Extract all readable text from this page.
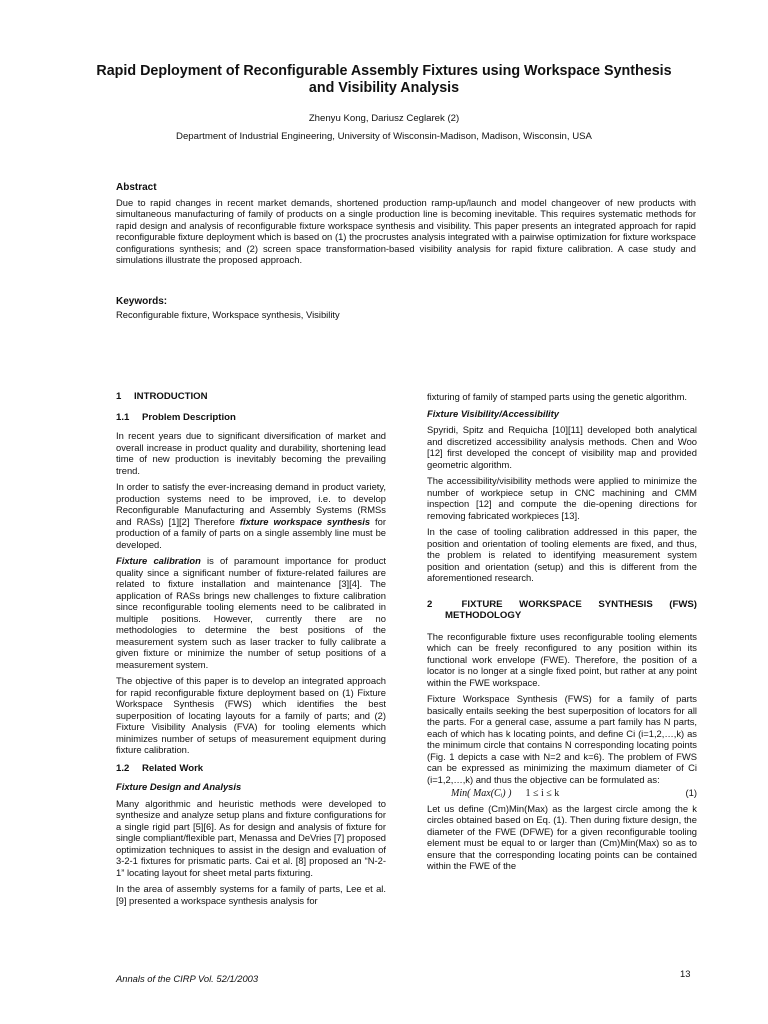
Rapid Deployment of Reconfigurable Assembly Fixtures using Workspace Synthesis and Visibility Analysis
Zhenyu Kong, Dariusz Ceglarek (2)
Department of Industrial Engineering, University of Wisconsin-Madison, Madison, Wisconsin, USA
Abstract
Due to rapid changes in recent market demands, shortened production ramp-up/launch and model changeover of new products with simultaneous manufacturing of family of products on a single production line is becoming inevitable. This requires systematic methods for rapid design and analysis of reconfigurable fixture workspace synthesis and visibility. This paper presents an integrated approach for rapid reconfigurable fixture deployment which is based on (1) the procrustes analysis integrated with a pairwise optimization for fixture workspace configurations synthesis; and (2) screen space transformation-based visibility analysis for rapid fixture calibration. A case study and simulations illustrate the proposed approach.
Keywords:
Reconfigurable fixture, Workspace synthesis, Visibility
1	INTRODUCTION
1.1	Problem Description

In recent years due to significant diversification of market and overall increase in product quality and durability, shortening lead time of new production is inevitably becoming the prevailing trend.

In order to satisfy the ever-increasing demand in product variety, production systems need to be improved, i.e. to develop Reconfigurable Manufacturing and Assembly Systems (RMSs and RASs) [1][2] Therefore fixture workspace synthesis for production of a family of parts on a single assembly line must be developed.

Fixture calibration is of paramount importance for product quality since a significant number of fixture-related failures are related to fixture installation and maintenance [3][4]. The application of RASs brings new challenges to fixture calibration since reconfigurable tooling elements need to be calibrated in multiple positions. However, currently there are no methodologies to determine the best positions of the measurement system such as laser tracker to fully calibrate a given fixture or minimize the number of setup positions of a measurement system.

The objective of this paper is to develop an integrated approach for rapid reconfigurable fixture deployment based on (1) Fixture Workspace Synthesis (FWS) which identifies the best superposition of locating layouts for a family of parts; and (2) Fixture Visibility Analysis (FVA) for tooling elements which minimizes number of setups of measurement equipment during fixture calibration.

1.2	Related Work
Fixture Design and Analysis

Many algorithmic and heuristic methods were developed to synthesize and analyze setup plans and fixture configurations for a single rigid part [5][6]. As for design and analysis of fixture for single compliant/flexible part, Menassa and DeVries [7] proposed optimization techniques to assist in the design and evaluation of 3-2-1 fixtures for prismatic parts. Cai et al. [8] proposed an “N-2-1” locating layout for sheet metal parts fixturing.

In the area of assembly systems for a family of parts, Lee et al. [9] presented a workspace synthesis analysis for

fixturing of family of stamped parts using the genetic algorithm.

Fixture Visibility/Accessibility

Spyridi, Spitz and Requicha [10][11] developed both analytical and discretized accessibility analysis methods. Chen and Woo [12] first developed the concept of visibility map and provided geometric algorithm.

The accessibility/visibility methods were applied to minimize the number of workpiece setup in CNC machining and CMM inspection [12] and compute the die-opening directions for removing fabricated workpieces [13].

In the case of tooling calibration addressed in this paper, the position and orientation of tooling elements are fixed, and thus, the problem is related to identifying measurement system position and orientation (setup) and this is different from the aforementioned research.

2	FIXTURE WORKSPACE SYNTHESIS (FWS)
METHODOLOGY

The reconfigurable fixture uses reconfigurable tooling elements which can be freely reconfigured to any position within its functional work envelope (FWE). Therefore, the position of a locator is no longer at a single fixed point, but rather at any point within the FWE workspace.

Fixture Workspace Synthesis (FWS) for a family of parts basically entails seeking the best superposition of locators for all the parts. For a general case, assume a part family has N parts, each of which has k locating points, and define Ci (i=1,2,…,k) as the minimum circle that contains N corresponding locating points (Fig. 1 depicts a case with N=2 and k=6). The problem of FWS can be expressed as minimizing the maximum diameter of Ci (i=1,2,…,k) and thus the objective can be formulated as:

Min( Max(Cᵢ) )	1 ≤ i ≤ k	(1)

Let us define (Cm)Min(Max) as the largest circle among the k circles obtained based on Eq. (1). Then during fixture design, the diameter of the FWE (DFWE) for a given reconfigurable tooling element must be equal to or larger than (Cm)Min(Max) so as to ensure that the corresponding locating points can be contained within the FWE of the

Annals of the CIRP Vol. 52/1/2003	13
